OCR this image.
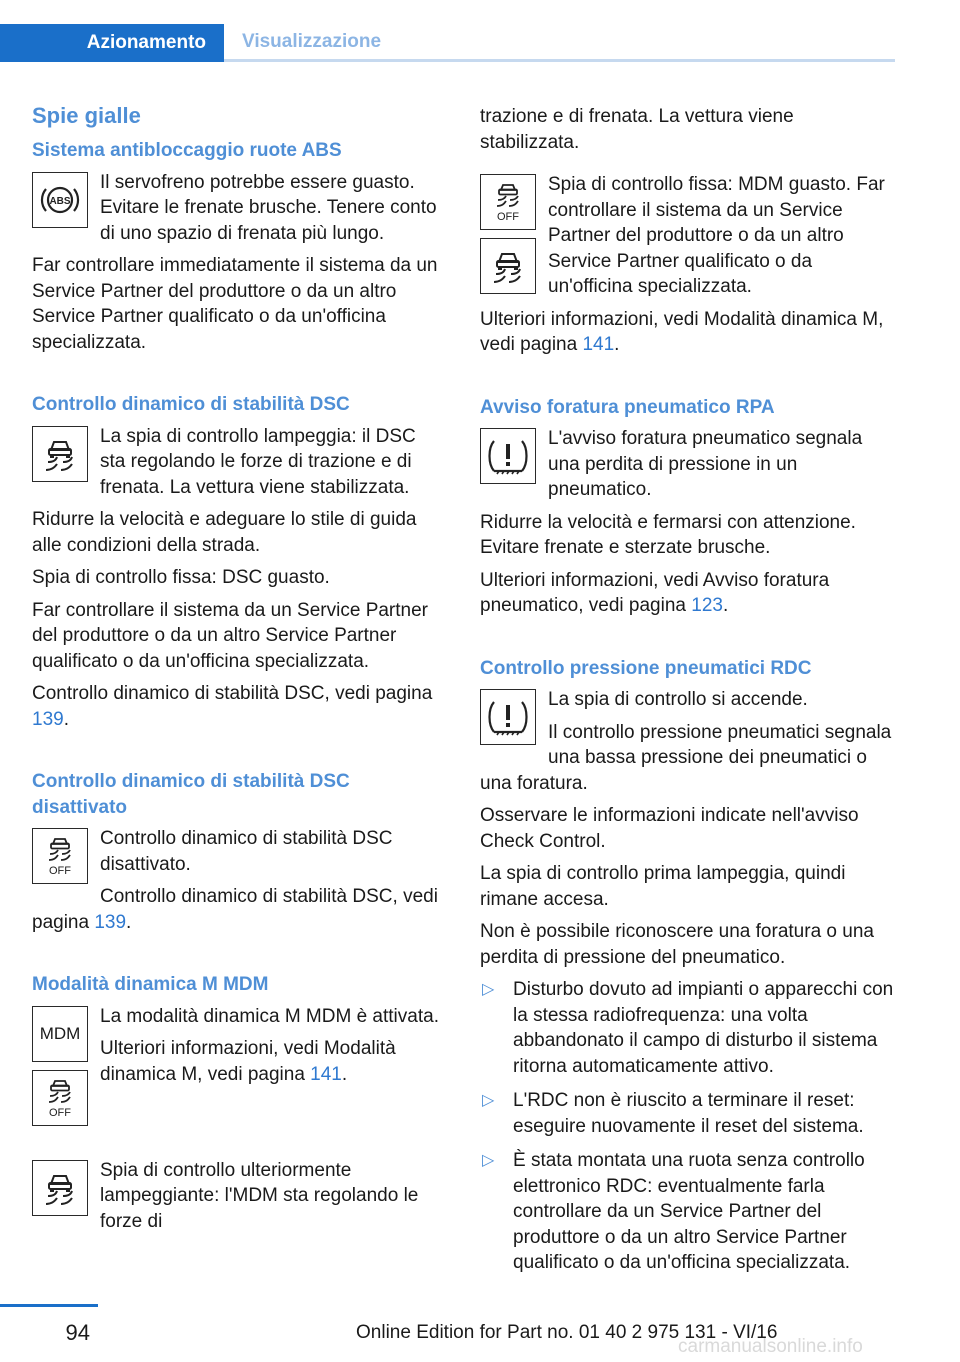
Azionamento	Visualizzazione
Spie gialle
Sistema antibloccaggio ruote ABS
ABS

Il servofreno potrebbe essere guasto. Evitare le frenate brusche. Tenere conto di uno spazio di frenata più lungo.

Far controllare immediatamente il sistema da un Service Partner del produttore o da un altro Service Partner qualificato o da un'officina specializzata.

Controllo dinamico di stabilità DSC

La spia di controllo lampeggia: il DSC sta regolando le forze di trazione e di frenata. La vettura viene stabilizzata.

Ridurre la velocità e adeguare lo stile di guida alle condizioni della strada.

Spia di controllo fissa: DSC guasto.

Far controllare il sistema da un Service Partner del produttore o da un altro Service Partner qualificato o da un'officina specializzata.

Controllo dinamico di stabilità DSC, vedi pagina 139.

Controllo dinamico di stabilità DSC disattivato
OFF

Controllo dinamico di stabilità DSC disattivato.

Controllo dinamico di stabilità DSC, vedi pagina 139.

Modalità dinamica M MDM
MDM
OFF

La modalità dinamica M MDM è attivata.

Ulteriori informazioni, vedi Modalità dinamica M, vedi pagina 141.

Spia di controllo ulteriormente lampeggiante: l'MDM sta regolando le forze di

trazione e di frenata. La vettura viene stabilizzata.

OFF

Spia di controllo fissa: MDM guasto. Far controllare il sistema da un Service Partner del produttore o da un altro Service Partner qualificato o da un'officina specializzata.

Ulteriori informazioni, vedi Modalità dinamica M, vedi pagina 141.

Avviso foratura pneumatico RPA

L'avviso foratura pneumatico segnala una perdita di pressione in un pneumatico.

Ridurre la velocità e fermarsi con attenzione. Evitare frenate e sterzate brusche.

Ulteriori informazioni, vedi Avviso foratura pneumatico, vedi pagina 123.

Controllo pressione pneumatici RDC

La spia di controllo si accende.

Il controllo pressione pneumatici segnala una bassa pressione dei pneumatici o una foratura.

Osservare le informazioni indicate nell'avviso Check Control.

La spia di controllo prima lampeggia, quindi rimane accesa.

Non è possibile riconoscere una foratura o una perdita di pressione del pneumatico.

▷ Disturbo dovuto ad impianti o apparecchi con la stessa radiofrequenza: una volta abbandonato il campo di disturbo il sistema ritorna automaticamente attivo.
▷ L'RDC non è riuscito a terminare il reset: eseguire nuovamente il reset del sistema.
▷ È stata montata una ruota senza controllo elettronico RDC: eventualmente farla controllare da un Service Partner del produttore o da un altro Service Partner qualificato o da un'officina specializzata.
94	Online Edition for Part no. 01 40 2 975 131 - VI/16
carmanualsonline.info
